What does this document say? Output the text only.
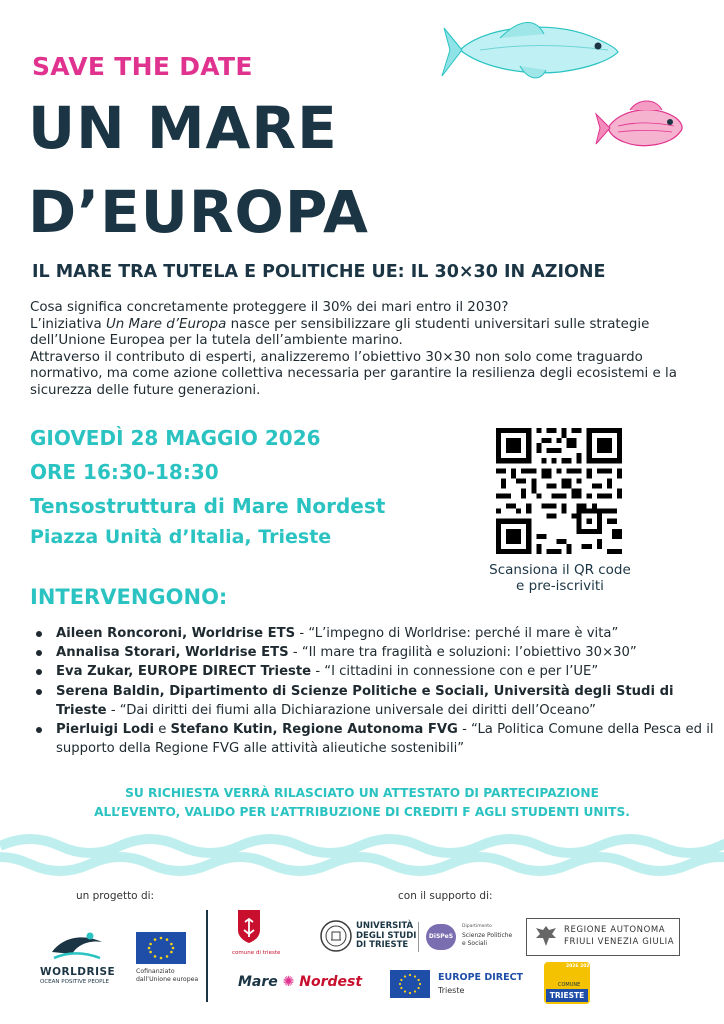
SAVE THE DATE
UN MARE
D’EUROPA
IL MARE TRA TUTELA E POLITICHE UE: IL 30×30 IN AZIONE

Cosa significa concretamente proteggere il 30% dei mari entro il 2030?

L’iniziativa Un Mare d’Europa nasce per sensibilizzare gli studenti universitari sulle strategie dell’Unione Europea per la tutela dell’ambiente marino.

Attraverso il contributo di esperti, analizzeremo l’obiettivo 30×30 non solo come traguardo normativo, ma come azione collettiva necessaria per garantire la resilienza degli ecosistemi e la sicurezza delle future generazioni.

GIOVEDÌ 28 MAGGIO 2026
ORE 16:30-18:30
Tensostruttura di Mare Nordest
Piazza Unità d’Italia, Trieste
Scansiona il QR code
e pre-iscriviti
INTERVENGONO:
Aileen Roncoroni, Worldrise ETS - “L’impegno di Worldrise: perché il mare è vita”
Annalisa Storari, Worldrise ETS - “Il mare tra fragilità e soluzioni: l’obiettivo 30×30”
Eva Zukar, EUROPE DIRECT Trieste - “I cittadini in connessione con e per l’UE”
Serena Baldin, Dipartimento di Scienze Politiche e Sociali, Università degli Studi di Trieste - “Dai diritti dei fiumi alla Dichiarazione universale dei diritti dell’Oceano”
Pierluigi Lodi e Stefano Kutin, Regione Autonoma FVG - “La Politica Comune della Pesca ed il supporto della Regione FVG alle attività alieutiche sostenibili”
SU RICHIESTA VERRÀ RILASCIATO UN ATTESTATO DI PARTECIPAZIONE
ALL’EVENTO, VALIDO PER L’ATTRIBUZIONE DI CREDITI F AGLI STUDENTI UNITS.
un progetto di:	con il supporto di:
WORLDRISE
OCEAN POSITIVE PEOPLE
Cofinanziato
dall’Unione europea
comune di trieste
Mare ✺ Nordest
UNIVERSITÀ
DEGLI STUDI
DI TRIESTE
DiSPeS
Dipartimento
Scienze Politiche
e Sociali
REGIONE AUTONOMA
FRIULI VENEZIA GIULIA
EUROPE DIRECT
Trieste
2026 2027
COMUNE
TRIESTE
